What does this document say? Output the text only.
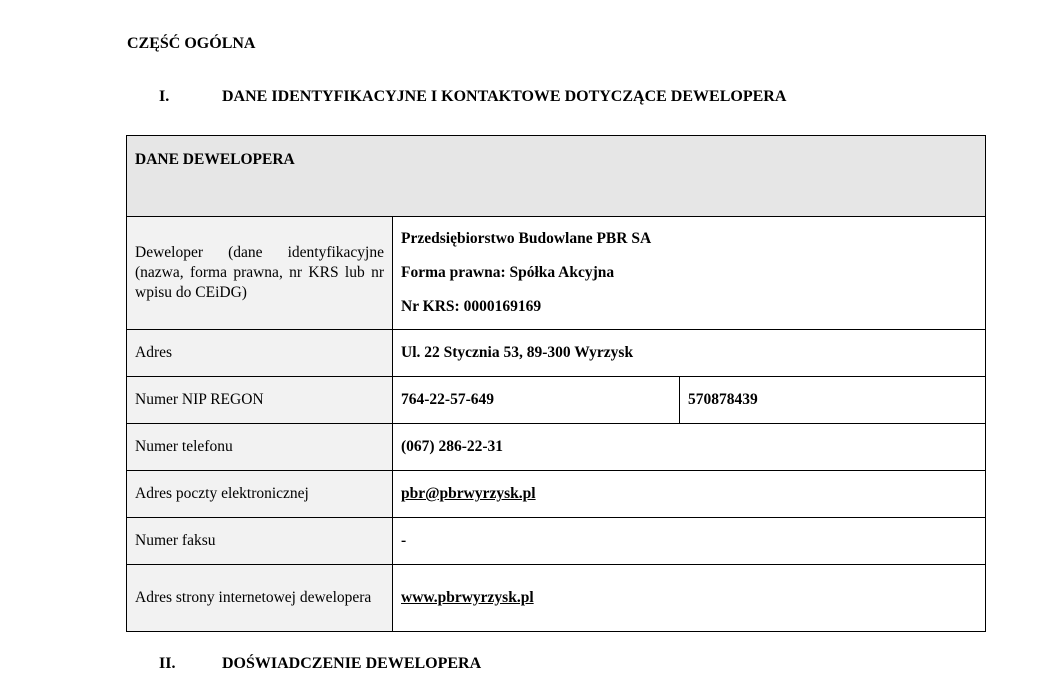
CZĘŚĆ OGÓLNA
I.	DANE IDENTYFIKACYJNE I KONTAKTOWE DOTYCZĄCE DEWELOPERA
DANE DEWELOPERA		
Deweloper (dane identyfikacyjne (nazwa, forma prawna, nr KRS lub nr wpisu do CEiDG)	Przedsiębiorstwo Budowlane PBR SA

Forma prawna: Spółka Akcyjna

Nr KRS: 0000169169	

Adres	Ul. 22 Stycznia 53, 89-300 Wyrzysk	
Numer NIP REGON	764-22-57-649	570878439
Numer telefonu	(067) 286-22-31	
Adres poczty elektronicznej	pbr@pbrwyrzysk.pl	
Numer faksu	-	
Adres strony internetowej dewelopera	www.pbrwyrzysk.pl	
II.	DOŚWIADCZENIE DEWELOPERA
